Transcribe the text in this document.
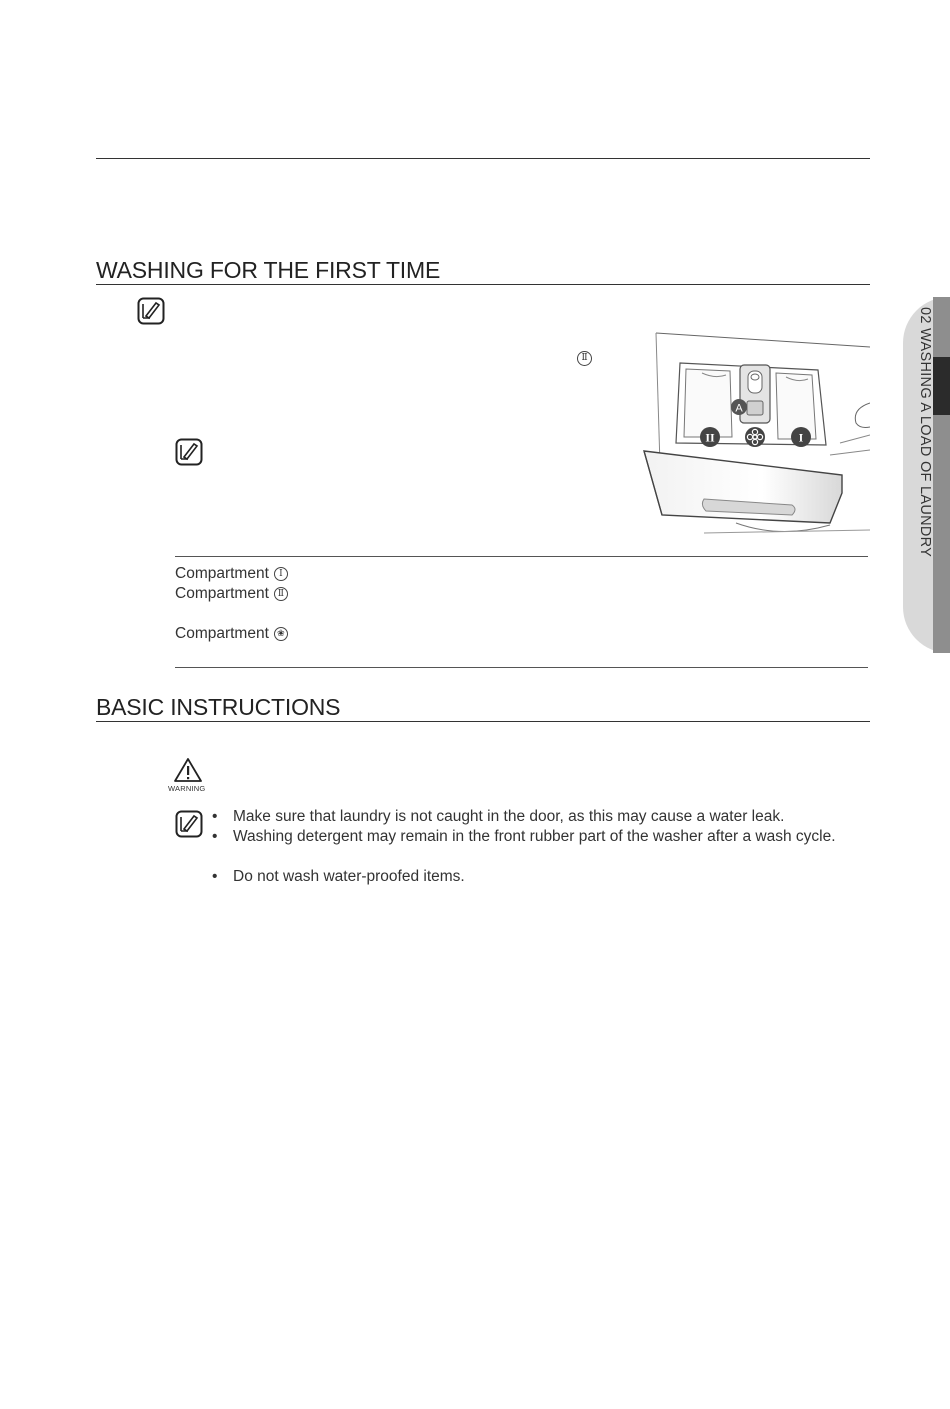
WASHING FOR THE FIRST TIME
Ⅱ
A
II	I
Compartment	Ⅰ
Compartment Ⅱ
Compartment ❀
BASIC INSTRUCTIONS
WARNING
• Make sure that laundry is not caught in the door, as this may cause a water leak.
• Washing detergent may remain in the front rubber part of the washer after a wash cycle.
• Do not wash water-proofed items.
02 WASHING A LOAD OF LAUNDRY
